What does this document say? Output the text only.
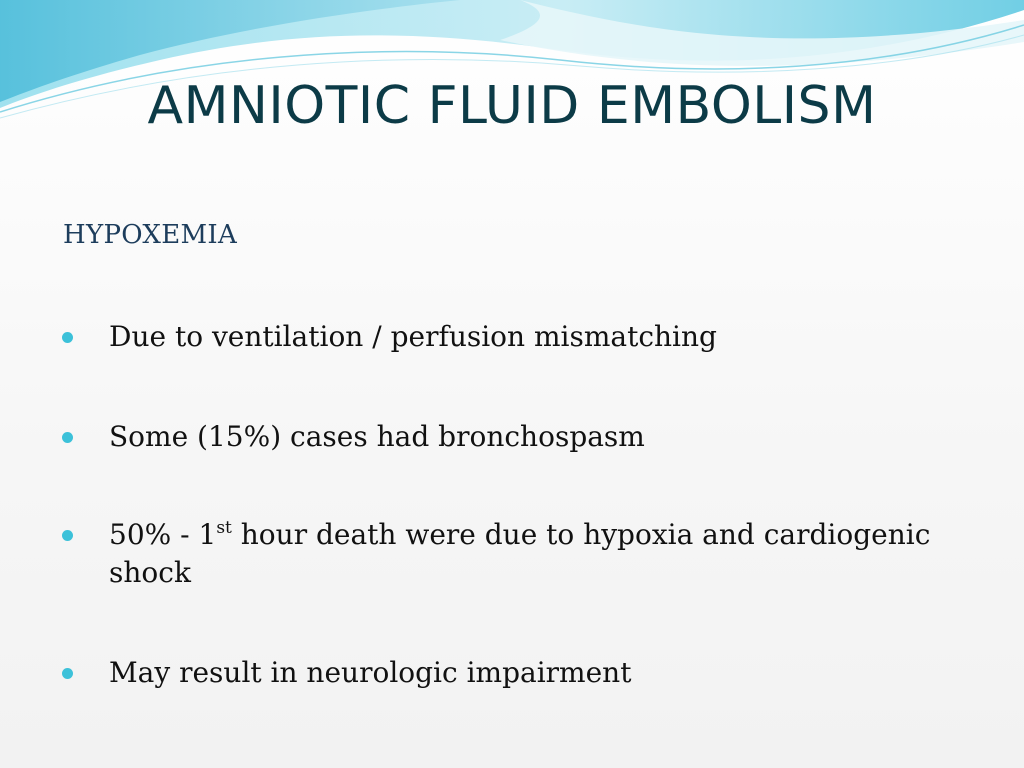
AMNIOTIC FLUID EMBOLISM
HYPOXEMIA
Due to ventilation / perfusion mismatching
Some (15%) cases had bronchospasm
50% - 1st hour death were due to hypoxia and cardiogenic shock
May result in neurologic impairment
